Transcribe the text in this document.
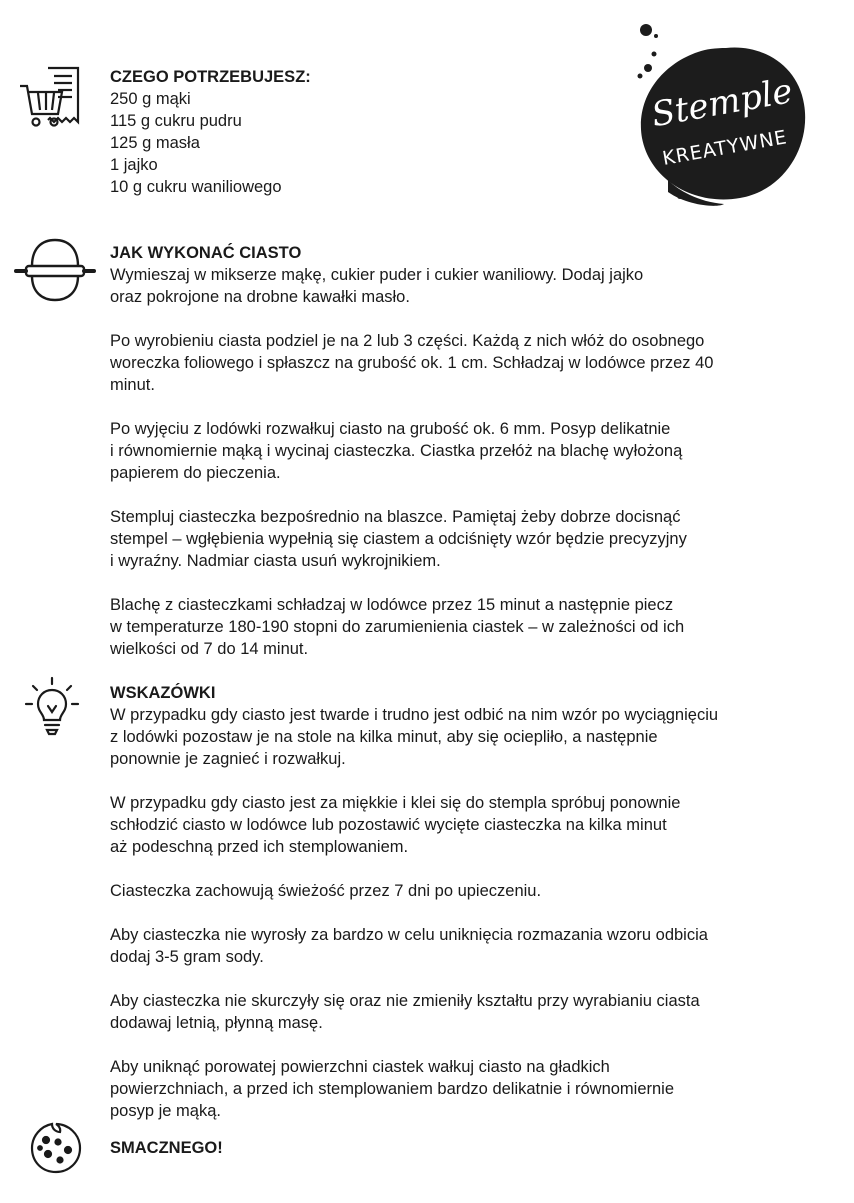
Stemple
KREATYWNE
CZEGO POTRZEBUJESZ:
250 g mąki
115 g cukru pudru
125 g masła
1 jajko
10 g cukru waniliowego
JAK WYKONAĆ CIASTO

Wymieszaj w mikserze mąkę, cukier puder i cukier waniliowy. Dodaj jajko
oraz pokrojone na drobne kawałki masło.

Po wyrobieniu ciasta podziel je na 2 lub 3 części. Każdą z nich włóż do osobnego
woreczka foliowego i spłaszcz na grubość ok. 1 cm. Schładzaj w lodówce przez 40
minut.

Po wyjęciu z lodówki rozwałkuj ciasto na grubość ok. 6 mm. Posyp delikatnie
i równomiernie mąką i wycinaj ciasteczka. Ciastka przełóż na blachę wyłożoną
papierem do pieczenia.

Stempluj ciasteczka bezpośrednio na blaszce. Pamiętaj żeby dobrze docisnąć
stempel – wgłębienia wypełnią się ciastem a odciśnięty wzór będzie precyzyjny
i wyraźny. Nadmiar ciasta usuń wykrojnikiem.

Blachę z ciasteczkami schładzaj w lodówce przez 15 minut a następnie piecz
w temperaturze 180-190 stopni do zarumienienia ciastek – w zależności od ich
wielkości od 7 do 14 minut.

WSKAZÓWKI

W przypadku gdy ciasto jest twarde i trudno jest odbić na nim wzór po wyciągnięciu
z lodówki pozostaw je na stole na kilka minut, aby się ociepliło, a następnie
ponownie je zagnieć i rozwałkuj.

W przypadku gdy ciasto jest za miękkie i klei się do stempla spróbuj ponownie
schłodzić ciasto w lodówce lub pozostawić wycięte ciasteczka na kilka minut
aż podeschną przed ich stemplowaniem.

Ciasteczka zachowują świeżość przez 7 dni po upieczeniu.

Aby ciasteczka nie wyrosły za bardzo w celu uniknięcia rozmazania wzoru odbicia
dodaj 3-5 gram sody.

Aby ciasteczka nie skurczyły się oraz nie zmieniły kształtu przy wyrabianiu ciasta
dodawaj letnią, płynną masę.

Aby uniknąć porowatej powierzchni ciastek wałkuj ciasto na gładkich
powierzchniach, a przed ich stemplowaniem bardzo delikatnie i równomiernie
posyp je mąką.

SMACZNEGO!
